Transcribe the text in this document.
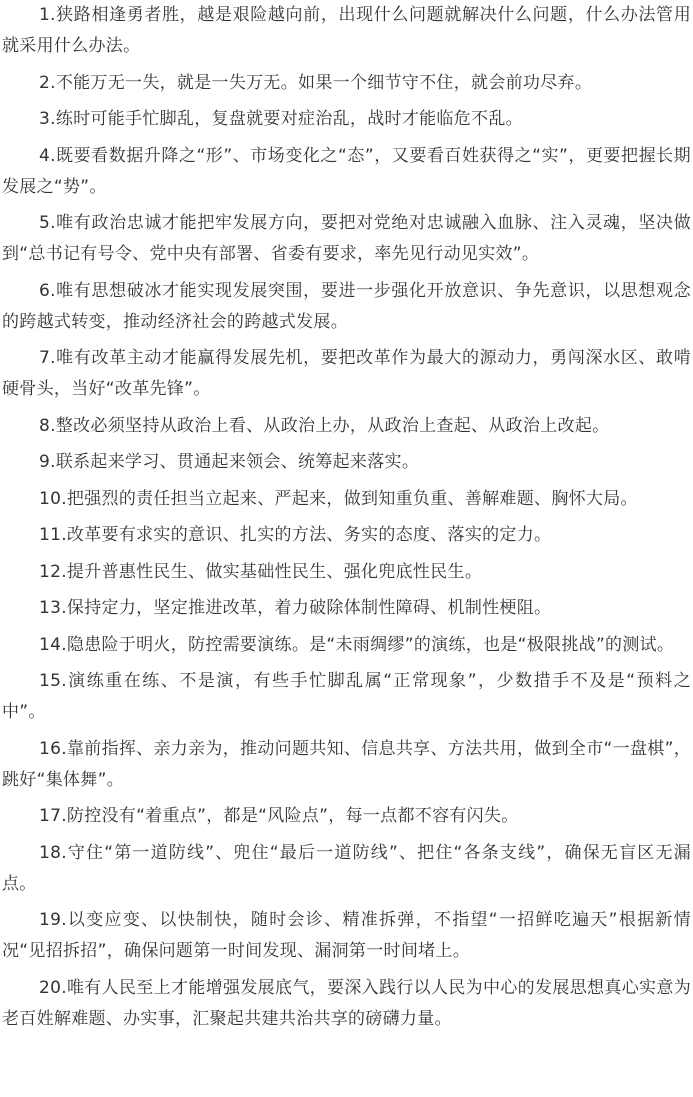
1.狭路相逢勇者胜，越是艰险越向前，出现什么问题就解决什么问题，什么办法管用就采用什么办法。

2.不能万无一失，就是一失万无。如果一个细节守不住，就会前功尽弃。

3.练时可能手忙脚乱，复盘就要对症治乱，战时才能临危不乱。

4.既要看数据升降之“形”、市场变化之“态”，又要看百姓获得之“实”，更要把握长期发展之“势”。

5.唯有政治忠诚才能把牢发展方向，要把对党绝对忠诚融入血脉、注入灵魂，坚决做到“总书记有号令、党中央有部署、省委有要求，率先见行动见实效”。

6.唯有思想破冰才能实现发展突围，要进一步强化开放意识、争先意识，以思想观念的跨越式转变，推动经济社会的跨越式发展。

7.唯有改革主动才能赢得发展先机，要把改革作为最大的源动力，勇闯深水区、敢啃硬骨头，当好“改革先锋”。

8.整改必须坚持从政治上看、从政治上办，从政治上查起、从政治上改起。

9.联系起来学习、贯通起来领会、统筹起来落实。

10.把强烈的责任担当立起来、严起来，做到知重负重、善解难题、胸怀大局。

11.改革要有求实的意识、扎实的方法、务实的态度、落实的定力。

12.提升普惠性民生、做实基础性民生、强化兜底性民生。

13.保持定力，坚定推进改革，着力破除体制性障碍、机制性梗阻。

14.隐患险于明火，防控需要演练。是“未雨绸缪”的演练，也是“极限挑战”的测试。

15.演练重在练、不是演，有些手忙脚乱属“正常现象”，少数措手不及是“预料之中”。

16.靠前指挥、亲力亲为，推动问题共知、信息共享、方法共用，做到全市“一盘棋”，跳好“集体舞”。

17.防控没有“着重点”，都是“风险点”，每一点都不容有闪失。

18.守住“第一道防线”、兜住“最后一道防线”、把住“各条支线”，确保无盲区无漏点。

19.以变应变、以快制快，随时会诊、精准拆弹，不指望“一招鲜吃遍天”根据新情况“见招拆招”，确保问题第一时间发现、漏洞第一时间堵上。

20.唯有人民至上才能增强发展底气，要深入践行以人民为中心的发展思想真心实意为老百姓解难题、办实事，汇聚起共建共治共享的磅礴力量。
